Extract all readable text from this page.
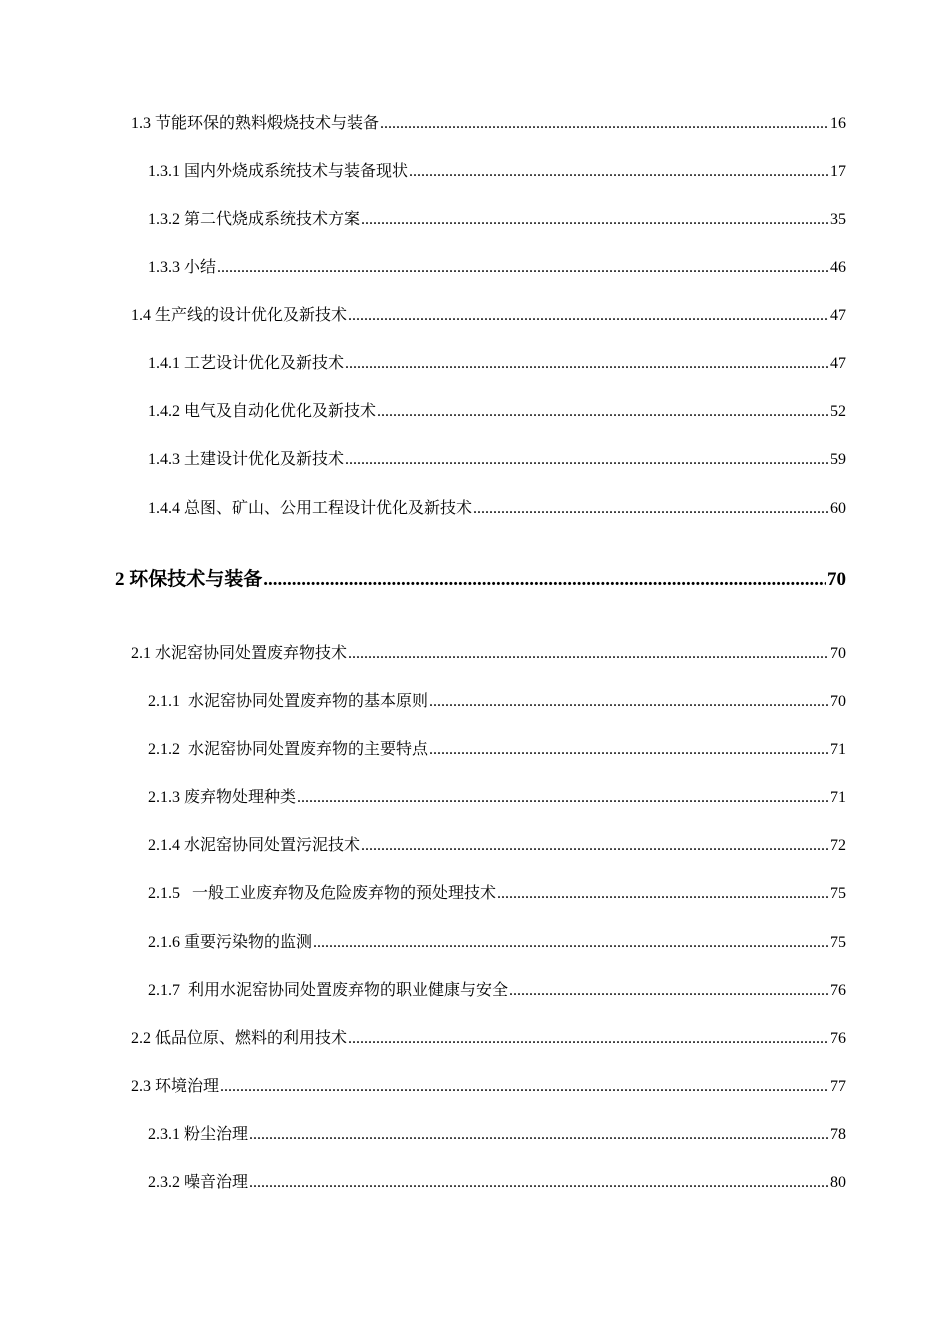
1.3 节能环保的熟料煅烧技术与装备 .....	16
1.3.1 国内外烧成系统技术与装备现状 .....	17
1.3.2 第二代烧成系统技术方案 .....	35
1.3.3 小结 .....	46
1.4 生产线的设计优化及新技术 .....	47
1.4.1 工艺设计优化及新技术 .....	47
1.4.2 电气及自动化优化及新技术 .....	52
1.4.3 土建设计优化及新技术 .....	59
1.4.4 总图、矿山、公用工程设计优化及新技术 .....	60
2 环保技术与装备 .....	70
2.1 水泥窑协同处置废弃物技术 .....	70
2.1.1  水泥窑协同处置废弃物的基本原则 .....	70
2.1.2  水泥窑协同处置废弃物的主要特点 .....	71
2.1.3 废弃物处理种类 .....	71
2.1.4 水泥窑协同处置污泥技术 .....	72
2.1.5   一般工业废弃物及危险废弃物的预处理技术 .....	75
2.1.6 重要污染物的监测 .....	75
2.1.7  利用水泥窑协同处置废弃物的职业健康与安全 .....	76
2.2 低品位原、燃料的利用技术 .....	76
2.3 环境治理 .....	77
2.3.1 粉尘治理 .....	78
2.3.2 噪音治理 .....	80
